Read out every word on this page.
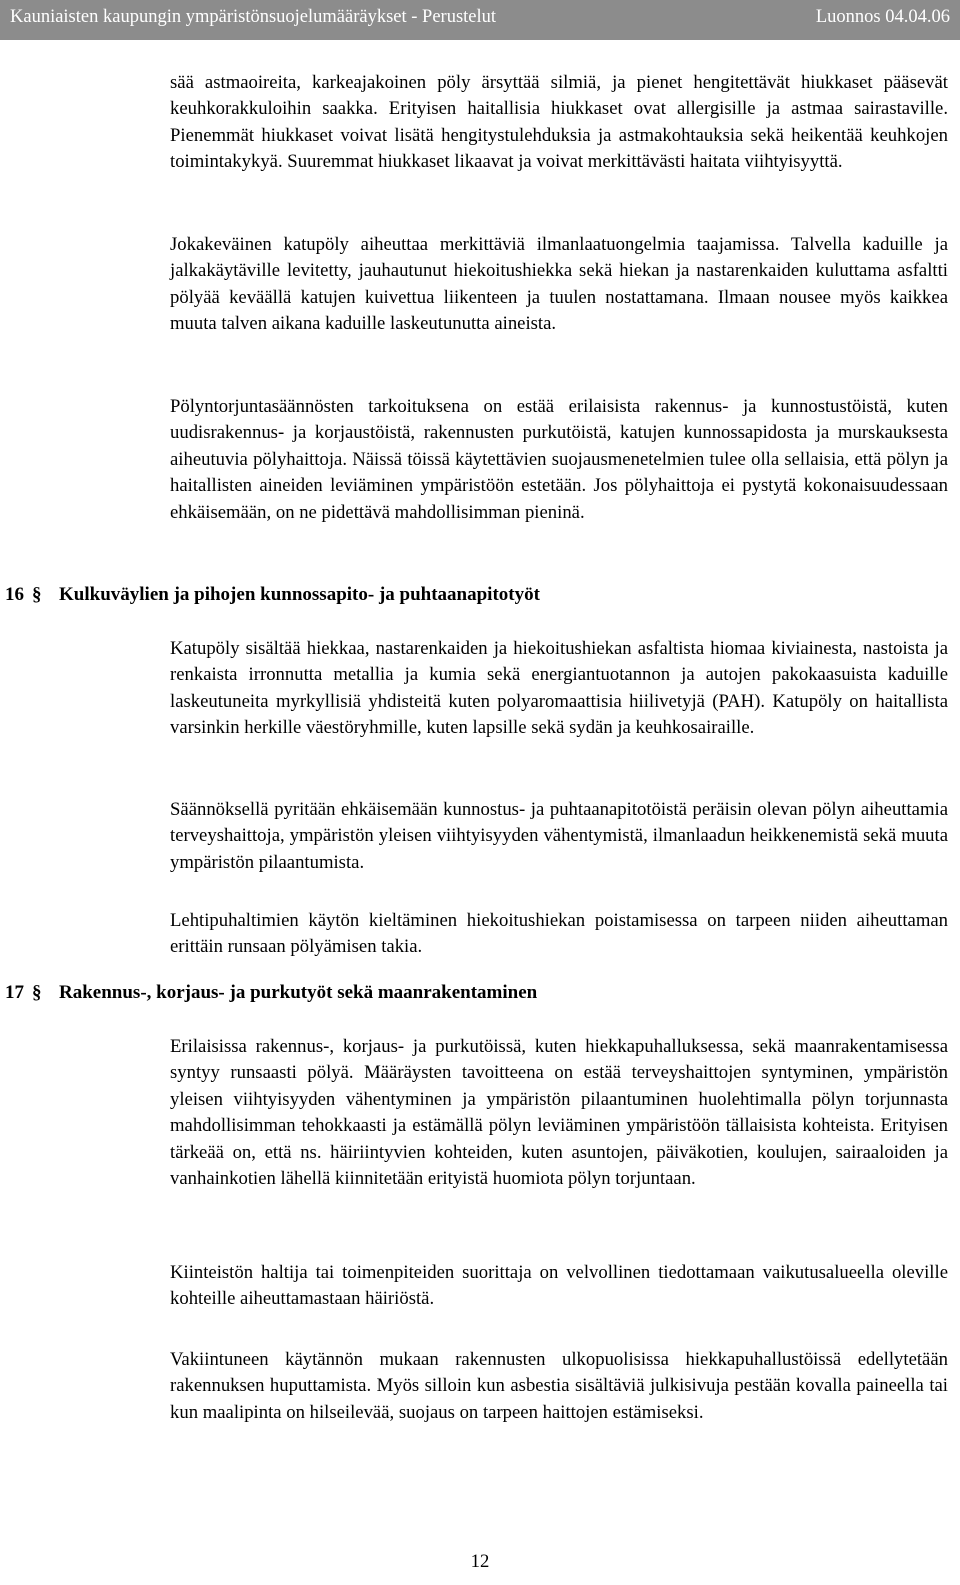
Kauniaisten kaupungin ympäristönsuojelumääräykset - Perustelut	Luonnos 04.04.06
sää astmaoireita, karkeajakoinen pöly ärsyttää silmiä, ja pienet hengitettävät hiukkaset pääsevät keuhkorakkuloihin saakka. Erityisen haitallisia hiukkaset ovat allergisille ja astmaa sairastaville. Pienemmät hiukkaset voivat lisätä hengitystulehduksia ja astmakohtauksia sekä heikentää keuhkojen toimintakykyä. Suuremmat hiukkaset likaavat ja voivat merkittävästi haitata viihtyisyyttä.
Jokakeväinen katupöly aiheuttaa merkittäviä ilmanlaatuongelmia taajamissa. Talvella kaduille ja jalkakäytäville levitetty, jauhautunut hiekoitushiekka sekä hiekan ja nastarenkaiden kuluttama asfaltti pölyää keväällä katujen kuivettua liikenteen ja tuulen nostattamana. Ilmaan nousee myös kaikkea muuta talven aikana kaduille laskeutunutta aineista.
Pölyntorjuntasäännösten tarkoituksena on estää erilaisista rakennus- ja kunnostustöistä, kuten uudisrakennus- ja korjaustöistä, rakennusten purkutöistä, katujen kunnossapidosta ja murskauksesta aiheutuvia pölyhaittoja. Näissä töissä käytettävien suojausmenetelmien tulee olla sellaisia, että pölyn ja haitallisten aineiden leviäminen ympäristöön estetään. Jos pölyhaittoja ei pystytä kokonaisuudessaan ehkäisemään, on ne pidettävä mahdollisimman pieninä.
16 § Kulkuväylien ja pihojen kunnossapito- ja puhtaanapitotyöt
Katupöly sisältää hiekkaa, nastarenkaiden ja hiekoitushiekan asfaltista hiomaa kiviainesta, nastoista ja renkaista irronnutta metallia ja kumia sekä energiantuotannon ja autojen pakokaasuista kaduille laskeutuneita myrkyllisiä yhdisteitä kuten polyaromaattisia hiilivetyjä (PAH). Katupöly on haitallista varsinkin herkille väestöryhmille, kuten lapsille sekä sydän ja keuhkosairaille.
Säännöksellä pyritään ehkäisemään kunnostus- ja puhtaanapitotöistä peräisin olevan pölyn aiheuttamia terveyshaittoja, ympäristön yleisen viihtyisyyden vähentymistä, ilmanlaadun heikkenemistä sekä muuta ympäristön pilaantumista.
Lehtipuhaltimien käytön kieltäminen hiekoitushiekan poistamisessa on tarpeen niiden aiheuttaman erittäin runsaan pölyämisen takia.
17 § Rakennus-, korjaus- ja purkutyöt sekä maanrakentaminen
Erilaisissa rakennus-, korjaus- ja purkutöissä, kuten hiekkapuhalluksessa, sekä maanrakentamisessa syntyy runsaasti pölyä. Määräysten tavoitteena on estää terveyshaittojen syntyminen, ympäristön yleisen viihtyisyyden vähentyminen ja ympäristön pilaantuminen huolehtimalla pölyn torjunnasta mahdollisimman tehokkaasti ja estämällä pölyn leviäminen ympäristöön tällaisista kohteista. Erityisen tärkeää on, että ns. häiriintyvien kohteiden, kuten asuntojen, päiväkotien, koulujen, sairaaloiden ja vanhainkotien lähellä kiinnitetään erityistä huomiota pölyn torjuntaan.
Kiinteistön haltija tai toimenpiteiden suorittaja on velvollinen tiedottamaan vaikutusalueella oleville kohteille aiheuttamastaan häiriöstä.
Vakiintuneen käytännön mukaan rakennusten ulkopuolisissa hiekkapuhallustöissä edellytetään rakennuksen huputtamista. Myös silloin kun asbestia sisältäviä julkisivuja pestään kovalla paineella tai kun maalipinta on hilseilevää, suojaus on tarpeen haittojen estämiseksi.
12
